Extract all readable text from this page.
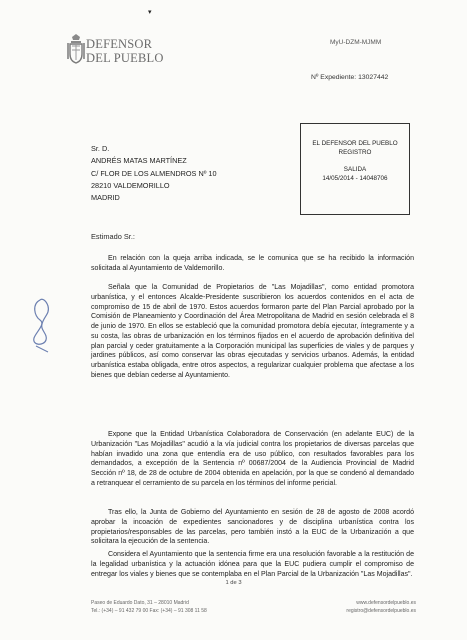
▾
DEFENSOR
DEL PUEBLO
MyU-DZM-MJMM
Nº Expediente: 13027442
Sr. D.
ANDRÉS MATAS MARTÍNEZ
C/ FLOR DE LOS ALMENDROS Nº 10
28210 VALDEMORILLO
MADRID
EL DEFENSOR DEL PUEBLO
REGISTRO
SALIDA
14/05/2014 - 14048706
Estimado Sr.:
En relación con la queja arriba indicada, se le comunica que se ha recibido la información solicitada al Ayuntamiento de Valdemorillo.
Señala que la Comunidad de Propietarios de "Las Mojadillas", como entidad promotora urbanística, y el entonces Alcalde-Presidente suscribieron los acuerdos contenidos en el acta de compromiso de 15 de abril de 1970. Estos acuerdos formaron parte del Plan Parcial aprobado por la Comisión de Planeamiento y Coordinación del Área Metropolitana de Madrid en sesión celebrada el 8 de junio de 1970. En ellos se estableció que la comunidad promotora debía ejecutar, íntegramente y a su costa, las obras de urbanización en los términos fijados en el acuerdo de aprobación definitiva del plan parcial y ceder gratuitamente a la Corporación municipal las superficies de viales y de parques y jardines públicos, así como conservar las obras ejecutadas y servicios urbanos. Además, la entidad urbanística estaba obligada, entre otros aspectos, a regularizar cualquier problema que afectase a los bienes que debían cederse al Ayuntamiento.
Expone que la Entidad Urbanística Colaboradora de Conservación (en adelante EUC) de la Urbanización "Las Mojadillas" acudió a la vía judicial contra los propietarios de diversas parcelas que habían invadido una zona que entendía era de uso público, con resultados favorables para los demandados, a excepción de la Sentencia nº 00687/2004 de la Audiencia Provincial de Madrid Sección nº 18, de 28 de octubre de 2004 obtenida en apelación, por la que se condenó al demandado a retranquear el cerramiento de su parcela en los términos del informe pericial.
Tras ello, la Junta de Gobierno del Ayuntamiento en sesión de 28 de agosto de 2008 acordó aprobar la incoación de expedientes sancionadores y de disciplina urbanística contra los propietarios/responsables de las parcelas, pero también instó a la EUC de la Urbanización a que solicitara la ejecución de la sentencia.
Considera el Ayuntamiento que la sentencia firme era una resolución favorable a la restitución de la legalidad urbanística y la actuación idónea para que la EUC pudiera cumplir el compromiso de entregar los viales y bienes que se contemplaba en el Plan Parcial de la Urbanización "Las Mojadillas".
1 de 3
Paseo de Eduardo Dato, 31 – 28010 Madrid
Tel.: (+34) – 91 432 79 00 Fax: (+34) – 91 308 11 58
www.defensordelpueblo.es
registro@defensordelpueblo.es
